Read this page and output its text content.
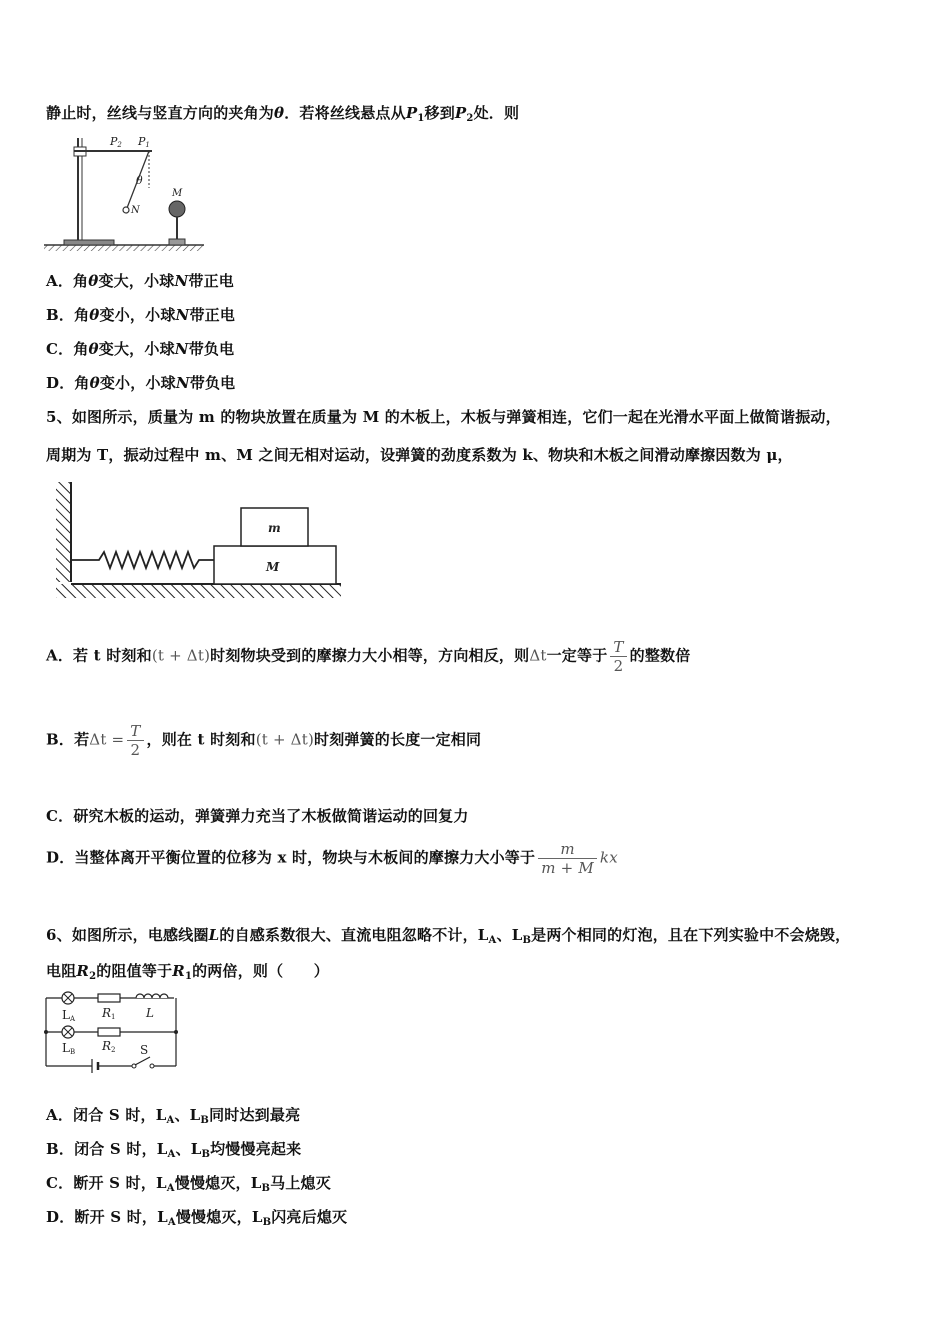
静止时，丝线与竖直方向的夹角为θ．若将丝线悬点从$P_1$移到$P_2$处．则
P2 P1
θ
N
M
A．角θ变大，小球N带正电
B．角θ变小，小球N带正电
C．角θ变大，小球N带负电
D．角θ变小，小球N带负电
5、如图所示，质量为 m 的物块放置在质量为 M 的木板上，木板与弹簧相连，它们一起在光滑水平面上做简谐振动，
周期为 T，振动过程中 m、M 之间无相对运动，设弹簧的劲度系数为 k、物块和木板之间滑动摩擦因数为 μ，
m
M
A．若 t 时刻和(t + Δt)时刻物块受到的摩擦力大小相等，方向相反，则Δt一定等于 $\frac{T}{2}$ 的整数倍
B．若$\Delta t = \frac{T}{2}$ ，则在 t 时刻和(t + Δt)时刻弹簧的长度一定相同
C．研究木板的运动，弹簧弹力充当了木板做简谐运动的回复力
D．当整体离开平衡位置的位移为 x 时，物块与木板间的摩擦力大小等于 $\frac{m}{m + M}$ kx
6、如图所示，电感线圈L的自感系数很大、直流电阻忽略不计，$L_A$、$L_B$是两个相同的灯泡，且在下列实验中不会烧毁，
电阻$R_2$的阻值等于$R_1$的两倍，则（　　）
LA R1	L
LB R2 S
A．闭合 S 时，$L_A$、$L_B$同时达到最亮
B．闭合 S 时，$L_A$、$L_B$均慢慢亮起来
C．断开 S 时，$L_A$慢慢熄灭，$L_B$马上熄灭
D．断开 S 时，$L_A$慢慢熄灭，$L_B$闪亮后熄灭
